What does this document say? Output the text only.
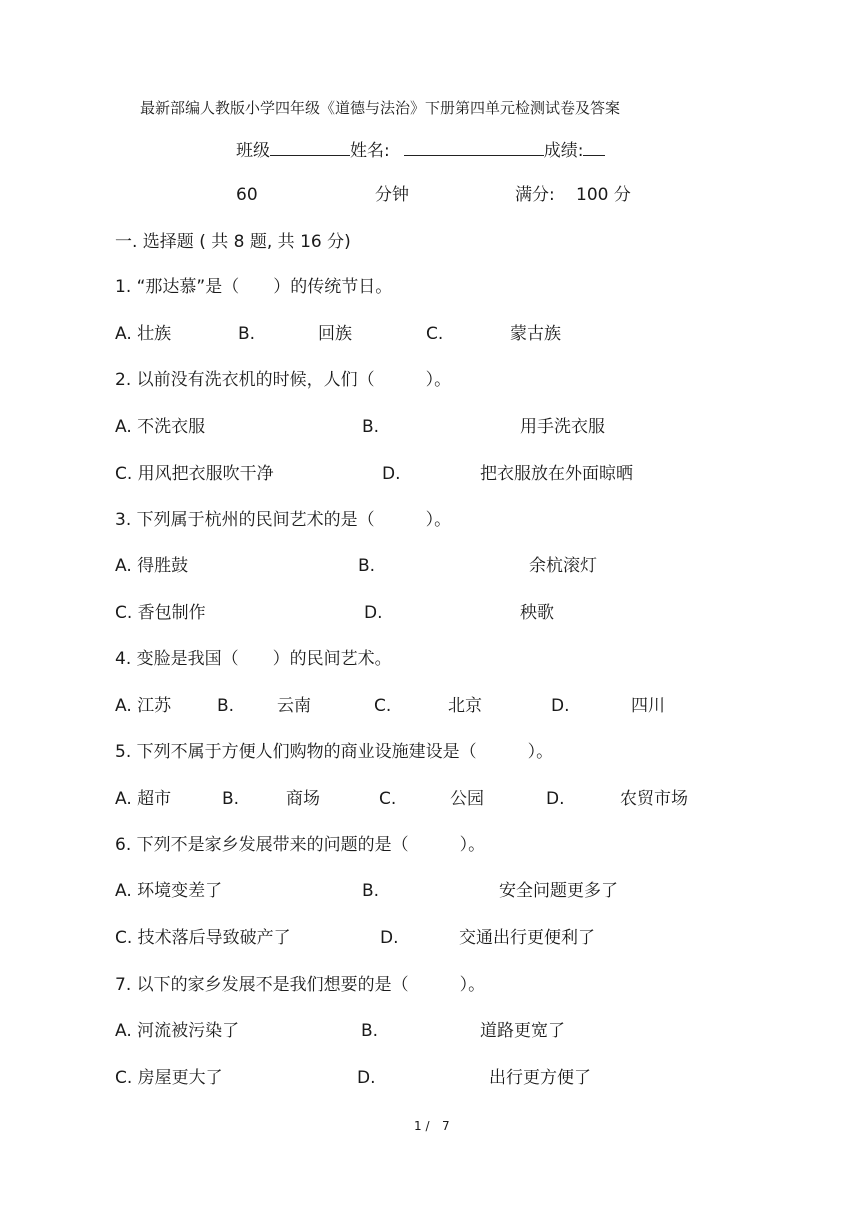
最新部编人教版小学四年级《道德与法治》下册第四单元检测试卷及答案
班级	姓名:	成绩:
60	分钟	满分: 100 分
一. 选择题 ( 共 8 题, 共 16 分)
1. “那达慕”是（　　）的传统节日。
A. 壮族	B.	回族	C.	蒙古族
2. 以前没有洗衣机的时候，人们（　　　）。
A. 不洗衣服	B.	用手洗衣服
C. 用风把衣服吹干净	D.	把衣服放在外面晾晒
3. 下列属于杭州的民间艺术的是（　　　）。
A. 得胜鼓	B.	余杭滚灯
C. 香包制作	D.	秧歌
4. 变脸是我国（　　）的民间艺术。
A. 江苏	B.	云南	C.	北京	D.	四川
5. 下列不属于方便人们购物的商业设施建设是（　　　）。
A. 超市	B.	商场	C.	公园	D.	农贸市场
6. 下列不是家乡发展带来的问题的是（　　　）。
A. 环境变差了	B.	安全问题更多了
C. 技术落后导致破产了	D.	交通出行更便利了
7. 以下的家乡发展不是我们想要的是（　　　）。
A. 河流被污染了	B.	道路更宽了
C. 房屋更大了	D.	出行更方便了
1 / 7
